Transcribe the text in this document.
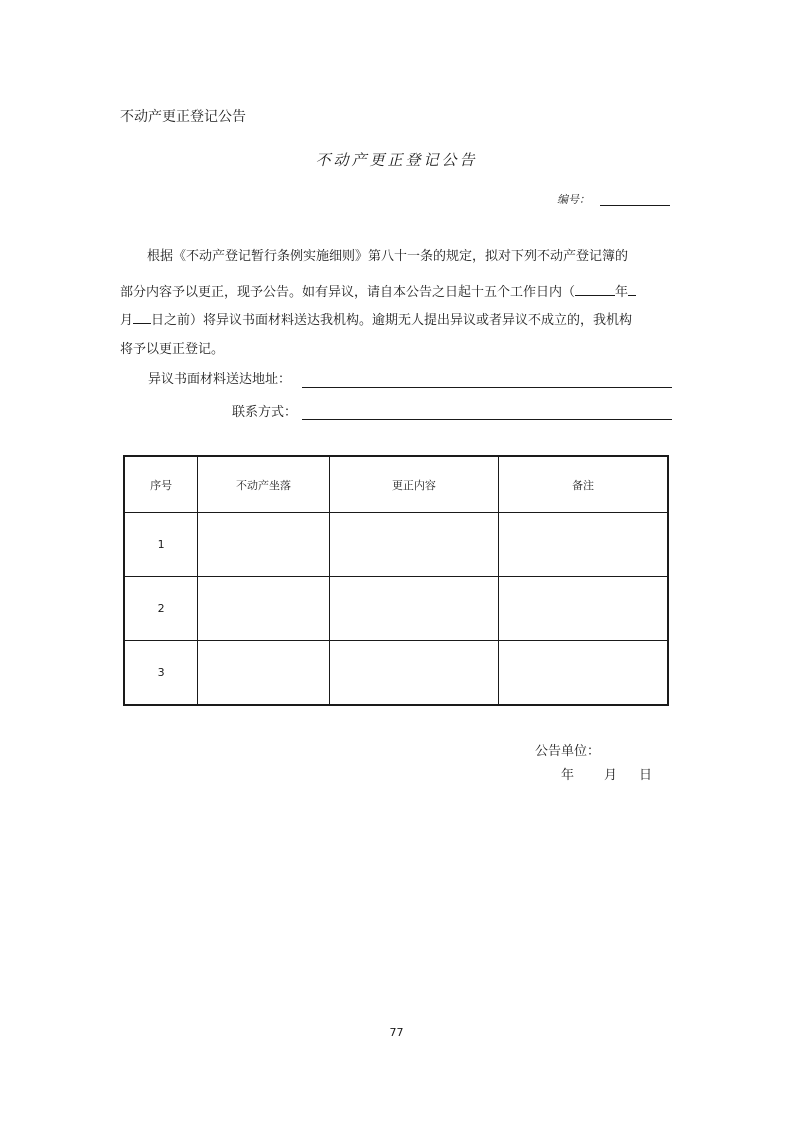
不动产更正登记公告
不动产更正登记公告
编号：
根据《不动产登记暂行条例实施细则》第八十一条的规定，拟对下列不动产登记簿的
部分内容予以更正，现予公告。如有异议，请自本公告之日起十五个工作日内（	年
月 日之前）将异议书面材料送达我机构。逾期无人提出异议或者异议不成立的，我机构
将予以更正登记。
异议书面材料送达地址：
联系方式：
序号	不动产坐落	更正内容	备注
1			
2			
3			
公告单位：
年 月 日
77
